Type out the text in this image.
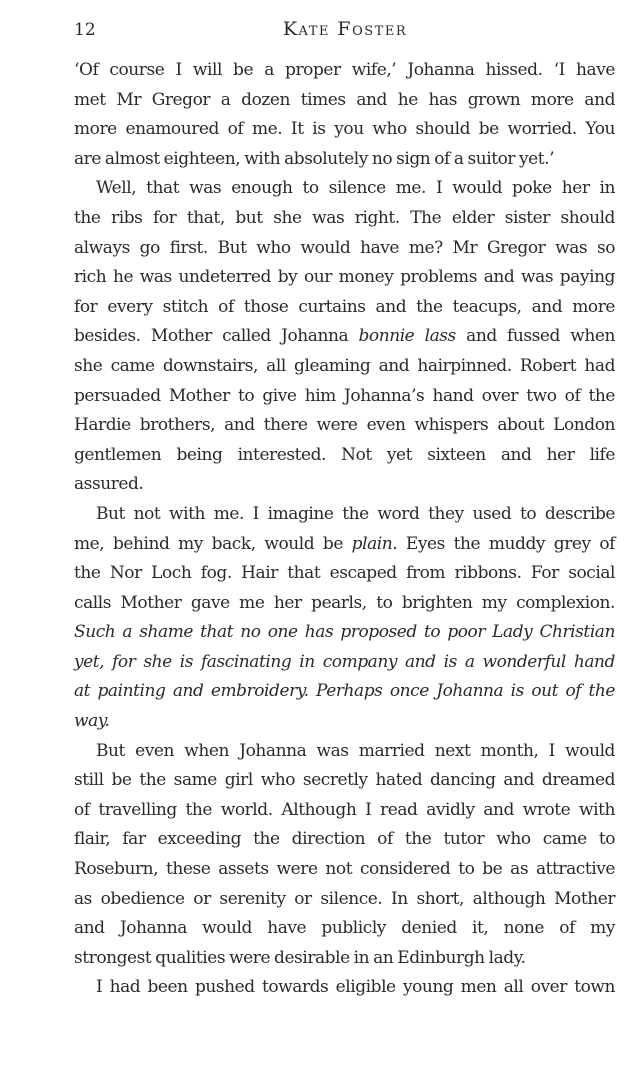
12	Kate Foster
‘Of course I will be a proper wife,’ Johanna hissed. ‘I have
met Mr Gregor a dozen times and he has grown more and
more enamoured of me. It is you who should be worried. You
are almost eighteen, with absolutely no sign of a suitor yet.’
Well, that was enough to silence me. I would poke her in
the ribs for that, but she was right. The elder sister should
always go first. But who would have me? Mr Gregor was so
rich he was undeterred by our money problems and was paying
for every stitch of those curtains and the teacups, and more
besides. Mother called Johanna bonnie lass and fussed when
she came downstairs, all gleaming and hairpinned. Robert had
persuaded Mother to give him Johanna’s hand over two of the
Hardie brothers, and there were even whispers about London
gentlemen being interested. Not yet sixteen and her life
assured.
But not with me. I imagine the word they used to describe
me, behind my back, would be plain. Eyes the muddy grey of
the Nor Loch fog. Hair that escaped from ribbons. For social
calls Mother gave me her pearls, to brighten my complexion.
Such a shame that no one has proposed to poor Lady Christian
yet, for she is fascinating in company and is a wonderful hand
at painting and embroidery. Perhaps once Johanna is out of the
way.
But even when Johanna was married next month, I would
still be the same girl who secretly hated dancing and dreamed
of travelling the world. Although I read avidly and wrote with
flair, far exceeding the direction of the tutor who came to
Roseburn, these assets were not considered to be as attractive
as obedience or serenity or silence. In short, although Mother
and Johanna would have publicly denied it, none of my
strongest qualities were desirable in an Edinburgh lady.
I had been pushed towards eligible young men all over town
